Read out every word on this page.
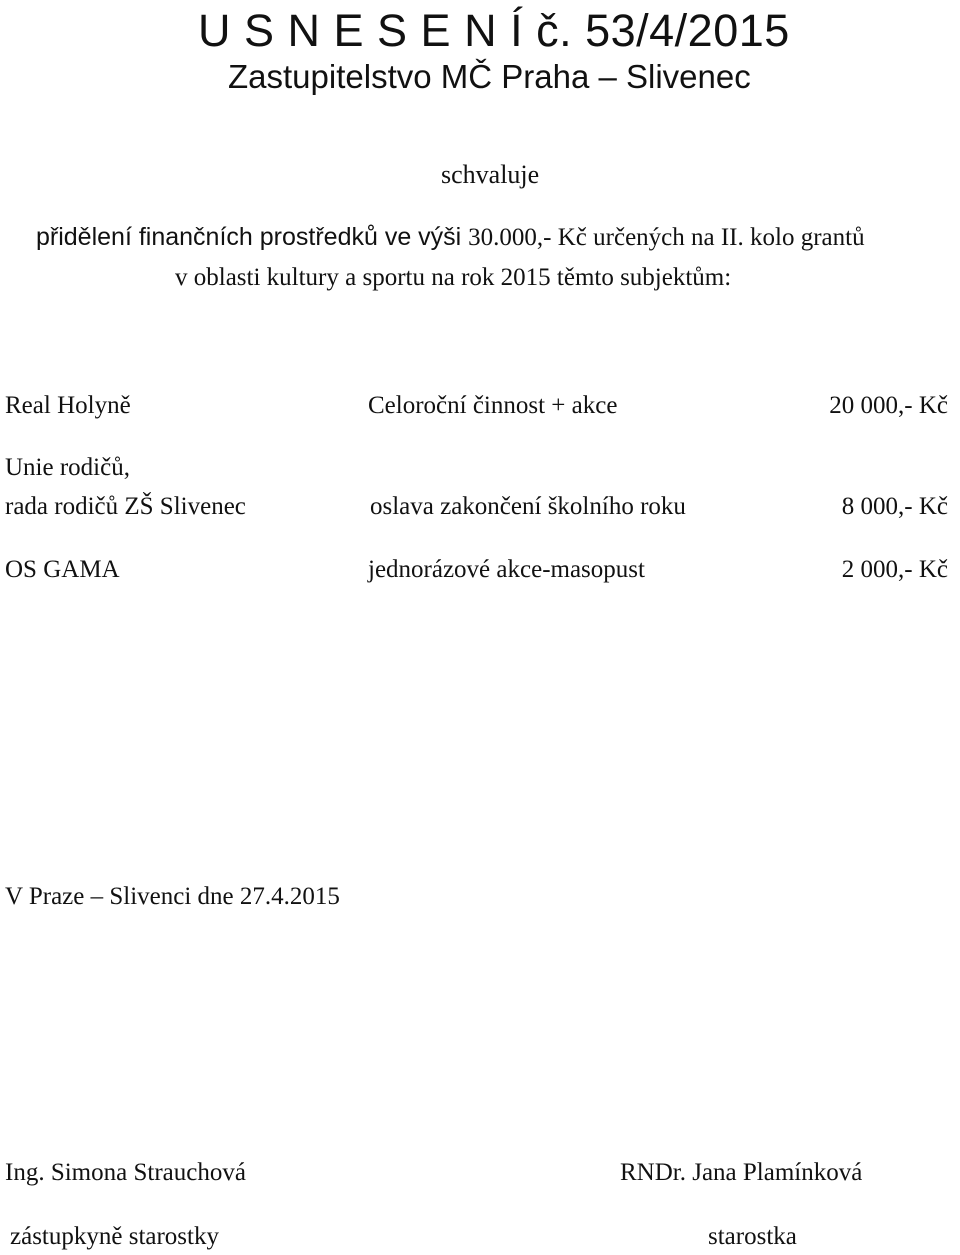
U S N E S E N Í č. 53/4/2015
Zastupitelstvo MČ Praha – Slivenec
schvaluje
přidělení finančních prostředků ve výši 30.000,- Kč určených na II. kolo grantů
v oblasti kultury a sportu na rok 2015 těmto subjektům:
Real Holyně	Celoroční činnost + akce	20 000,- Kč
Unie rodičů,
rada rodičů ZŠ Slivenec	oslava zakončení školního roku	8 000,- Kč
OS GAMA	jednorázové akce-masopust	2 000,- Kč
V Praze – Slivenci dne 27.4.2015
Ing. Simona Strauchová	RNDr. Jana Plamínková
zástupkyně starostky	starostka
